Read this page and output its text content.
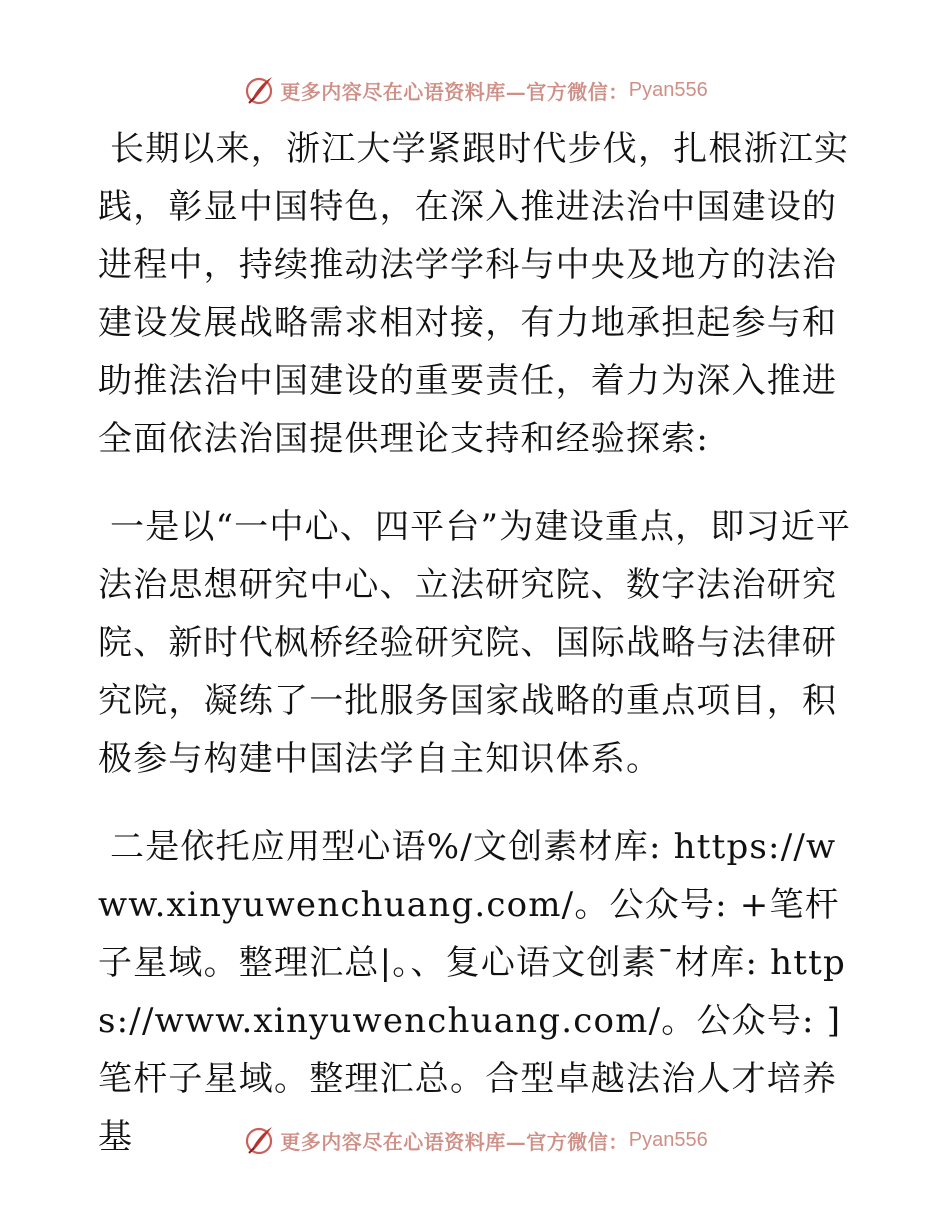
更多内容尽在心语资料库—官方微信： Pyan556

长期以来，浙江大学紧跟时代步伐，扎根浙江实践，彰显中国特色，在深入推进法治中国建设的进程中，持续推动法学学科与中央及地方的法治建设发展战略需求相对接，有力地承担起参与和助推法治中国建设的重要责任，着力为深入推进全面依法治国提供理论支持和经验探索:

一是以“一中心、四平台”为建设重点，即习近平法治思想研究中心、立法研究院、数字法治研究院、新时代枫桥经验研究院、国际战略与法律研究院，凝练了一批服务国家战略的重点项目，积极参与构建中国法学自主知识体系。

二是依托应用型心语%/文创素材库: https://www.xinyuwenchuang.com/。公众号: +笔杆子星域。整理汇总|。、复心语文创素¯材库: https://www.xinyuwenchuang.com/。公众号: ]笔杆子星域。整理汇总。合型卓越法治人才培养基	更多内容尽在心语资料库—官方微信： Pyan556
